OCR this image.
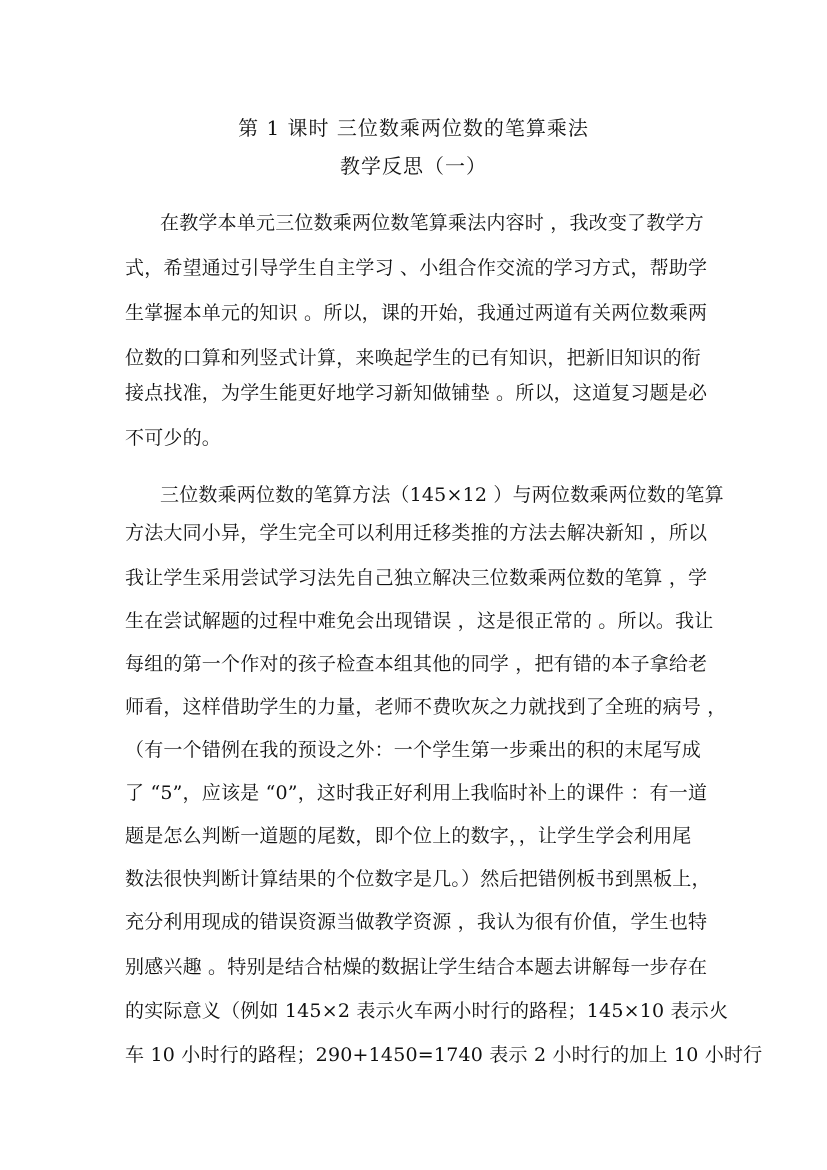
第 1 课时 三位数乘两位数的笔算乘法
教学反思（一）
在教学本单元三位数乘两位数笔算乘法内容时 ，我改变了教学方
式，希望通过引导学生自主学习 、小组合作交流的学习方式，帮助学
生掌握本单元的知识 。所以，课的开始，我通过两道有关两位数乘两
位数的口算和列竖式计算，来唤起学生的已有知识，把新旧知识的衔
接点找准，为学生能更好地学习新知做铺垫 。所以，这道复习题是必
不可少的。
三位数乘两位数的笔算方法（145×12 ）与两位数乘两位数的笔算
方法大同小异，学生完全可以利用迁移类推的方法去解决新知 ，所以
我让学生采用尝试学习法先自己独立解决三位数乘两位数的笔算 ，学
生在尝试解题的过程中难免会出现错误 ，这是很正常的 。所以。我让
每组的第一个作对的孩子检查本组其他的同学 ，把有错的本子拿给老
师看，这样借助学生的力量，老师不费吹灰之力就找到了全班的病号 ，
（有一个错例在我的预设之外：一个学生第一步乘出的积的末尾写成
了 “5”，应该是 “0”，这时我正好利用上我临时补上的课件 ：有一道
题是怎么判断一道题的尾数，即个位上的数字，，让学生学会利用尾
数法很快判断计算结果的个位数字是几。）然后把错例板书到黑板上，
充分利用现成的错误资源当做教学资源 ，我认为很有价值，学生也特
别感兴趣 。特别是结合枯燥的数据让学生结合本题去讲解每一步存在
的实际意义（例如 145×2 表示火车两小时行的路程；145×10 表示火
车 10 小时行的路程；290+1450=1740 表示 2 小时行的加上 10 小时行
